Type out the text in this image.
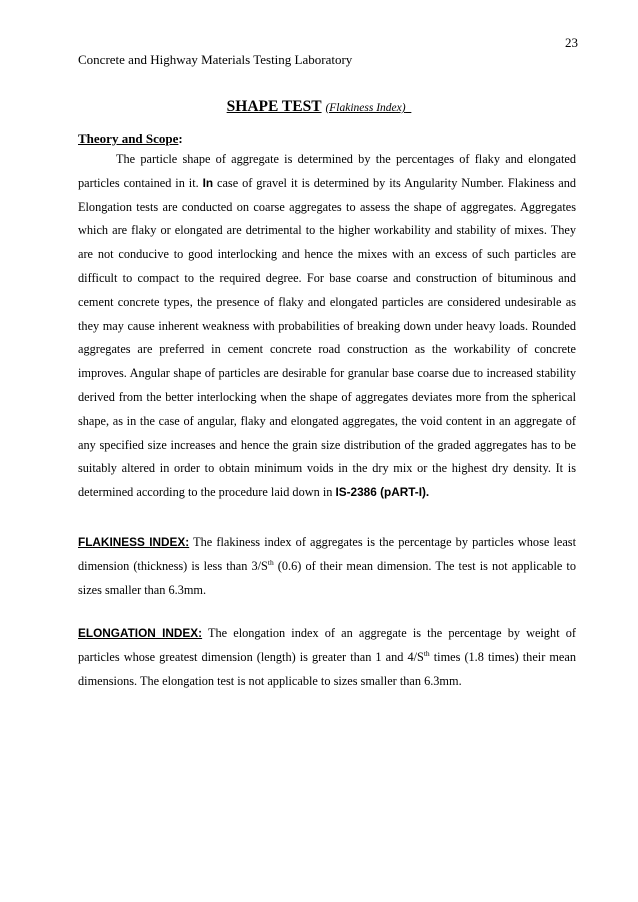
23
Concrete and Highway Materials Testing Laboratory
SHAPE TEST (Flakiness Index)
Theory and Scope:

The particle shape of aggregate is determined by the percentages of flaky and elongated particles contained in it. In case of gravel it is determined by its Angularity Number. Flakiness and Elongation tests are conducted on coarse aggregates to assess the shape of aggregates. Aggregates which are flaky or elongated are detrimental to the higher workability and stability of mixes. They are not conducive to good interlocking and hence the mixes with an excess of such particles are difficult to compact to the required degree. For base coarse and construction of bituminous and cement concrete types, the presence of flaky and elongated particles are considered undesirable as they may cause inherent weakness with probabilities of breaking down under heavy loads. Rounded aggregates are preferred in cement concrete road construction as the workability of concrete improves. Angular shape of particles are desirable for granular base coarse due to increased stability derived from the better interlocking when the shape of aggregates deviates more from the spherical shape, as in the case of angular, flaky and elongated aggregates, the void content in an aggregate of any specified size increases and hence the grain size distribution of the graded aggregates has to be suitably altered in order to obtain minimum voids in the dry mix or the highest dry density. It is determined according to the procedure laid down in IS-2386 (pART-I).

FLAKINESS INDEX: The flakiness index of aggregates is the percentage by particles whose least dimension (thickness) is less than $3/S^{th}$ (0.6) of their mean dimension. The test is not applicable to sizes smaller than 6.3mm.

ELONGATION INDEX: The elongation index of an aggregate is the percentage by weight of particles whose greatest dimension (length) is greater than 1 and $4/S^{th}$ times (1.8 times) their mean dimensions. The elongation test is not applicable to sizes smaller than 6.3mm.
